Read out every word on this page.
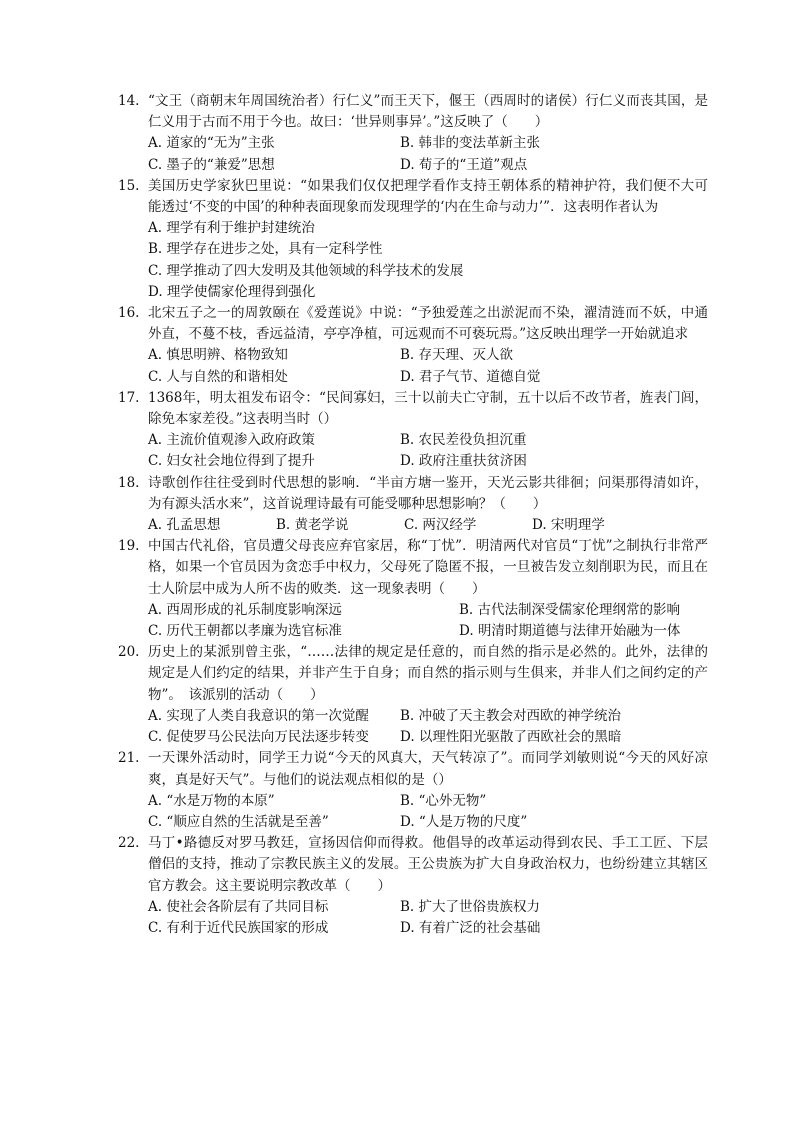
14. “文王（商朝末年周国统治者）行仁义”而王天下，偃王（西周时的诸侯）行仁义而丧其国，是仁义用于古而不用于今也。故曰：‘世异则事异’。”这反映了（　　）
A. 道家的“无为”主张	B. 韩非的变法革新主张
C. 墨子的“兼爱”思想	D. 荀子的“王道”观点
15. 美国历史学家狄巴里说：“如果我们仅仅把理学看作支持王朝体系的精神护符，我们便不大可能透过‘不变的中国’的种种表面现象而发现理学的‘内在生命与动力’”．这表明作者认为
A. 理学有利于维护封建统治
B. 理学存在进步之处，具有一定科学性
C. 理学推动了四大发明及其他领域的科学技术的发展
D. 理学使儒家伦理得到强化
16. 北宋五子之一的周敦颐在《爱莲说》中说：“予独爱莲之出淤泥而不染，濯清涟而不妖，中通外直，不蔓不枝，香远益清，亭亭净植，可远观而不可亵玩焉。”这反映出理学一开始就追求
A. 慎思明辨、格物致知	B. 存天理、灭人欲
C. 人与自然的和谐相处	D. 君子气节、道德自觉
17. 1368年，明太祖发布诏令：“民间寡妇，三十以前夫亡守制，五十以后不改节者，旌表门闾，除免本家差役。”这表明当时（）
A. 主流价值观渗入政府政策	B. 农民差役负担沉重
C. 妇女社会地位得到了提升	D. 政府注重扶贫济困
18. 诗歌创作往往受到时代思想的影响．“半亩方塘一鉴开，天光云影共徘徊；问渠那得清如许，为有源头活水来”，这首说理诗最有可能受哪种思想影响？（　　）
A. 孔孟思想	B. 黄老学说	C. 两汉经学	D. 宋明理学
19. 中国古代礼俗，官员遭父母丧应弃官家居，称“丁忧”．明清两代对官员“丁忧”之制执行非常严格，如果一个官员因为贪恋手中权力，父母死了隐匿不报，一旦被告发立刻削职为民，而且在士人阶层中成为人所不齿的败类．这一现象表明（　　）
A. 西周形成的礼乐制度影响深远	B. 古代法制深受儒家伦理纲常的影响
C. 历代王朝都以孝廉为选官标准	D. 明清时期道德与法律开始融为一体
20. 历史上的某派别曾主张，“……法律的规定是任意的，而自然的指示是必然的。此外，法律的规定是人们约定的结果，并非产生于自身；而自然的指示则与生俱来，并非人们之间约定的产物”。　该派别的活动（　　）
A. 实现了人类自我意识的第一次觉醒	B. 冲破了天主教会对西欧的神学统治
C. 促使罗马公民法向万民法逐步转变	D. 以理性阳光驱散了西欧社会的黑暗
21. 一天课外活动时，同学王力说“今天的风真大，天气转凉了”。而同学刘敏则说“今天的风好凉爽，真是好天气”。与他们的说法观点相似的是（）
A. “水是万物的本原”	B. “心外无物”
C. “顺应自然的生活就是至善”	D. “人是万物的尺度”
22. 马丁•路德反对罗马教廷，宣扬因信仰而得救。他倡导的改革运动得到农民、手工工匠、下层僧侣的支持，推动了宗教民族主义的发展。王公贵族为扩大自身政治权力，也纷纷建立其辖区官方教会。这主要说明宗教改革（　　）
A. 使社会各阶层有了共同目标	B. 扩大了世俗贵族权力
C. 有利于近代民族国家的形成	D. 有着广泛的社会基础
